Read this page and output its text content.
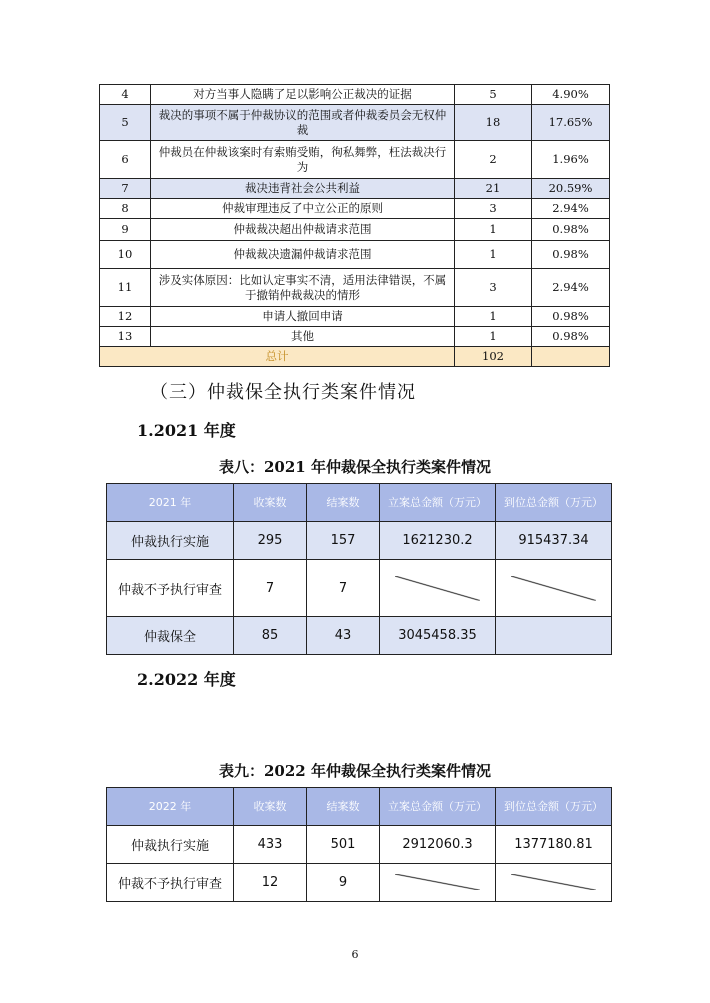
4	对方当事人隐瞒了足以影响公正裁决的证据	5	4.90%
5	裁决的事项不属于仲裁协议的范围或者仲裁委员会无权仲裁	18	17.65%
6	仲裁员在仲裁该案时有索贿受贿，徇私舞弊，枉法裁决行为	2	1.96%
7	裁决违背社会公共利益	21	20.59%
8	仲裁审理违反了中立公正的原则	3	2.94%
9	仲裁裁决超出仲裁请求范围	1	0.98%
10	仲裁裁决遗漏仲裁请求范围	1	0.98%
11	涉及实体原因：比如认定事实不清，适用法律错误，不属于撤销仲裁裁决的情形	3	2.94%
12	申请人撤回申请	1	0.98%
13	其他	1	0.98%
总计		102	
（三）仲裁保全执行类案件情况
1.2021 年度
表八：2021 年仲裁保全执行类案件情况
2021 年	收案数	结案数	立案总金额（万元）	到位总金额（万元）
仲裁执行实施	295	157	1621230.2	915437.34
仲裁不予执行审查	7	7		
仲裁保全	85	43	3045458.35	
2.2022 年度
表九：2022 年仲裁保全执行类案件情况
2022 年	收案数	结案数	立案总金额（万元）	到位总金额（万元）
仲裁执行实施	433	501	2912060.3	1377180.81
仲裁不予执行审查	12	9		
6
